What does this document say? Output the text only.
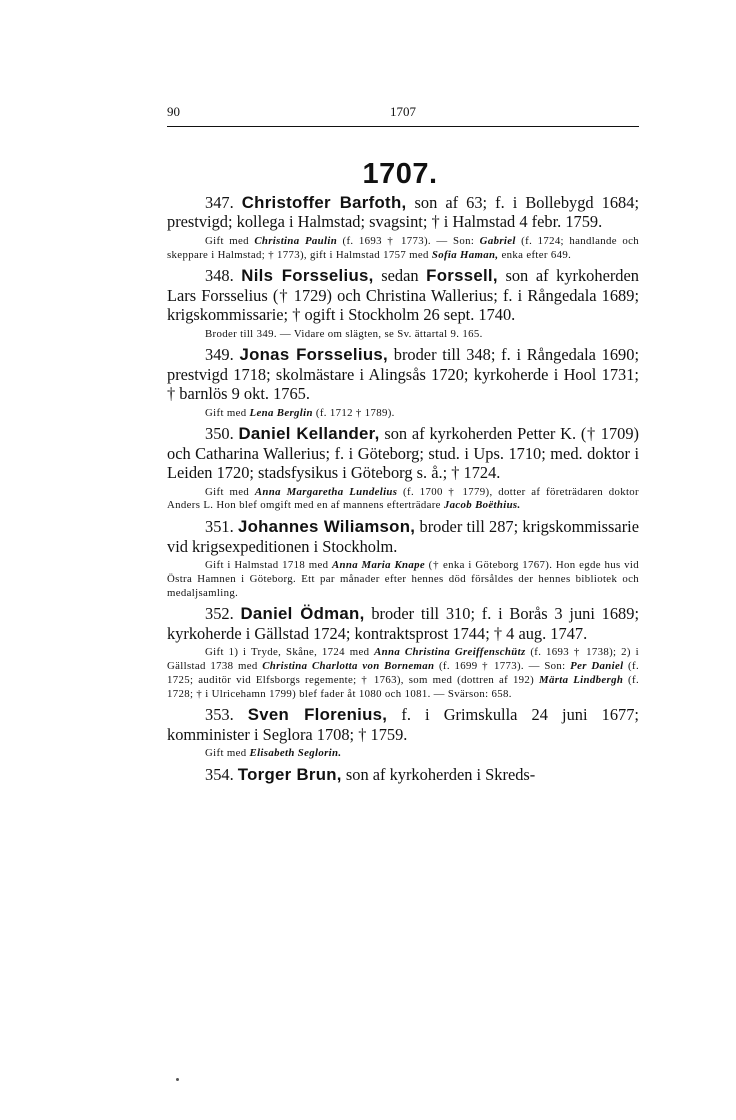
90	1707
1707.

347. Christoffer Barfoth, son af 63; f. i Bollebygd 1684; prestvigd; kollega i Halmstad; svagsint; † i Halmstad 4 febr. 1759.

Gift med Christina Paulin (f. 1693 † 1773). — Son: Gabriel (f. 1724; handlande och skeppare i Halmstad; † 1773), gift i Halmstad 1757 med Sofia Haman, enka efter 649.

348. Nils Forsselius, sedan Forssell, son af kyrkoherden Lars Forsselius († 1729) och Christina Wallerius; f. i Rångedala 1689; krigskommissarie; † ogift i Stockholm 26 sept. 1740.

Broder till 349. — Vidare om slägten, se Sv. ättartal 9. 165.

349. Jonas Forsselius, broder till 348; f. i Rångedala 1690; prestvigd 1718; skolmästare i Alingsås 1720; kyrkoherde i Hool 1731; † barnlös 9 okt. 1765.

Gift med Lena Berglin (f. 1712 † 1789).

350. Daniel Kellander, son af kyrkoherden Petter K. († 1709) och Catharina Wallerius; f. i Göteborg; stud. i Ups. 1710; med. doktor i Leiden 1720; stadsfysikus i Göteborg s. å.; † 1724.

Gift med Anna Margaretha Lundelius (f. 1700 † 1779), dotter af företrädaren doktor Anders L. Hon blef omgift med en af mannens efterträdare Jacob Boëthius.

351. Johannes Wiliamson, broder till 287; krigskommissarie vid krigsexpeditionen i Stockholm.

Gift i Halmstad 1718 med Anna Maria Knape († enka i Göteborg 1767). Hon egde hus vid Östra Hamnen i Göteborg. Ett par månader efter hennes död försåldes der hennes bibliotek och medaljsamling.

352. Daniel Ödman, broder till 310; f. i Borås 3 juni 1689; kyrkoherde i Gällstad 1724; kontraktsprost 1744; † 4 aug. 1747.

Gift 1) i Tryde, Skåne, 1724 med Anna Christina Greiffenschütz (f. 1693 † 1738); 2) i Gällstad 1738 med Christina Charlotta von Borneman (f. 1699 † 1773). — Son: Per Daniel (f. 1725; auditör vid Elfsborgs regemente; † 1763), som med (dottren af 192) Märta Lindbergh (f. 1728; † i Ulricehamn 1799) blef fader åt 1080 och 1081. — Svärson: 658.

353. Sven Florenius, f. i Grimskulla 24 juni 1677; komminister i Seglora 1708; † 1759.

Gift med Elisabeth Seglorin.

354. Torger Brun, son af kyrkoherden i Skreds-
